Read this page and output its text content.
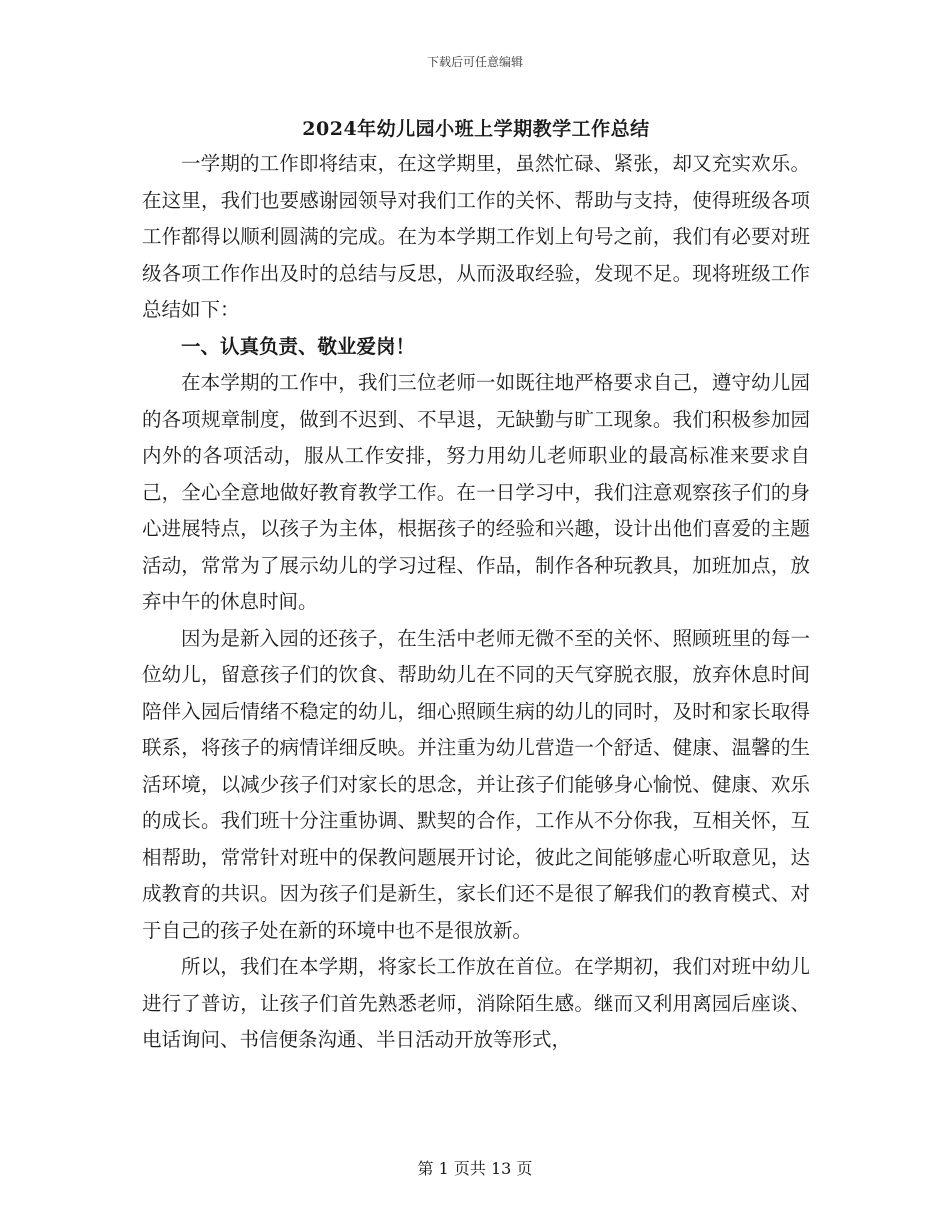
下载后可任意编辑
2024年幼儿园小班上学期教学工作总结

一学期的工作即将结束，在这学期里，虽然忙碌、紧张，却又充实欢乐。在这里，我们也要感谢园领导对我们工作的关怀、帮助与支持，使得班级各项工作都得以顺利圆满的完成。在为本学期工作划上句号之前，我们有必要对班级各项工作作出及时的总结与反思，从而汲取经验，发现不足。现将班级工作总结如下：

一、认真负责、敬业爱岗！

在本学期的工作中，我们三位老师一如既往地严格要求自己，遵守幼儿园的各项规章制度，做到不迟到、不早退，无缺勤与旷工现象。我们积极参加园内外的各项活动，服从工作安排，努力用幼儿老师职业的最高标准来要求自己，全心全意地做好教育教学工作。在一日学习中，我们注意观察孩子们的身心进展特点，以孩子为主体，根据孩子的经验和兴趣，设计出他们喜爱的主题活动，常常为了展示幼儿的学习过程、作品，制作各种玩教具，加班加点，放弃中午的休息时间。

因为是新入园的还孩子，在生活中老师无微不至的关怀、照顾班里的每一位幼儿，留意孩子们的饮食、帮助幼儿在不同的天气穿脱衣服，放弃休息时间陪伴入园后情绪不稳定的幼儿，细心照顾生病的幼儿的同时，及时和家长取得联系，将孩子的病情详细反映。并注重为幼儿营造一个舒适、健康、温馨的生活环境，以减少孩子们对家长的思念，并让孩子们能够身心愉悦、健康、欢乐的成长。我们班十分注重协调、默契的合作，工作从不分你我，互相关怀，互相帮助，常常针对班中的保教问题展开讨论，彼此之间能够虚心听取意见，达成教育的共识。因为孩子们是新生，家长们还不是很了解我们的教育模式、对于自己的孩子处在新的环境中也不是很放新。

所以，我们在本学期，将家长工作放在首位。在学期初，我们对班中幼儿进行了普访，让孩子们首先熟悉老师，消除陌生感。继而又利用离园后座谈、电话询问、书信便条沟通、半日活动开放等形式，

第 1 页共 13 页
